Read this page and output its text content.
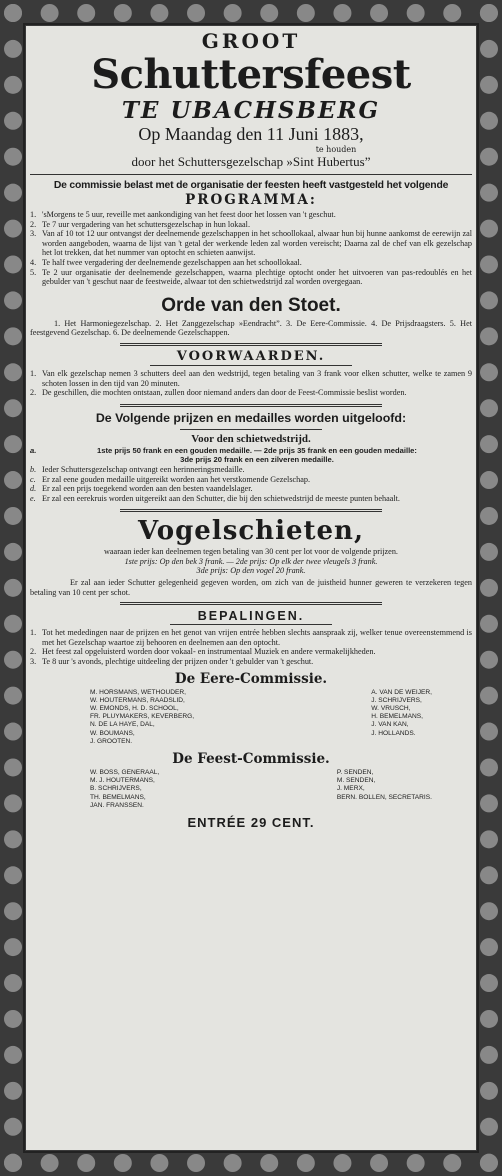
GROOT

Schuttersfeest

TE UBACHSBERG

Op Maandag den 11 Juni 1883,

te houden

door het Schuttersgezelschap »Sint Hubertus”

De commissie belast met de organisatie der feesten heeft vastgesteld het volgende

PROGRAMMA:

1. 'sMorgens te 5 uur, reveille met aankondiging van het feest door het lossen van 't geschut.
2. Te 7 uur vergadering van het schuttersgezelschap in hun lokaal.
3. Van af 10 tot 12 uur ontvangst der deelnemende gezelschappen in het schoollokaal, alwaar hun bij hunne aankomst de eerewijn zal worden aangeboden, waarna de lijst van 't getal der werkende leden zal worden vereischt; Daarna zal de chef van elk gezelschap het lot trekken, dat het nummer van optocht en schieten aanwijst.
4. Te half twee vergadering der deelnemende gezelschappen aan het schoollokaal.
5. Te 2 uur organisatie der deelnemende gezelschappen, waarna plechtige optocht onder het uitvoeren van pas-redoublés en het gebulder van 't geschut naar de feestweide, alwaar tot den schietwedstrijd zal worden overgegaan.

Orde van den Stoet.

1. Het Harmoniegezelschap. 2. Het Zanggezelschap »Eendracht”. 3. De Eere-Commissie. 4. De Prijsdraagsters. 5. Het feestgevend Gezelschap. 6. De deelnemende Gezelschappen.

VOORWAARDEN.

1. Van elk gezelschap nemen 3 schutters deel aan den wedstrijd, tegen betaling van 3 frank voor elken schutter, welke te zamen 9 schoten lossen in den tijd van 20 minuten.
2. De geschillen, die mochten ontstaan, zullen door niemand anders dan door de Feest-Commissie beslist worden.

De Volgende prijzen en medailles worden uitgeloofd:

Voor den schietwedstrijd.

a.	1ste prijs 50 frank en een gouden medaille. — 2de prijs 35 frank en een gouden medaille:
3de prijs 20 frank en een zilveren medaille.
b. Ieder Schuttersgezelschap ontvangt een herinneringsmedaille.
c. Er zal eene gouden medaille uitgereikt worden aan het verstkomende Gezelschap.
d. Er zal een prijs toegekend worden aan den besten vaandelslager.
e. Er zal een eerekruis worden uitgereikt aan den Schutter, die bij den schietwedstrijd de meeste punten behaalt.

Vogelschieten,

waaraan ieder kan deelnemen tegen betaling van 30 cent per lot voor de volgende prijzen.

1ste prijs: Op den bek 3 frank. — 2de prijs: Op elk der twee vleugels 3 frank.

3de prijs: Op den vogel 20 frank.

Er zal aan ieder Schutter gelegenheid gegeven worden, om zich van de juistheid hunner geweren te verzekeren tegen betaling van 10 cent per schot.

BEPALINGEN.

1. Tot het mededingen naar de prijzen en het genot van vrijen entrée hebben slechts aanspraak zij, welker tenue overeenstemmend is met het Gezelschap waartoe zij behooren en deelnemen aan den optocht.
2. Het feest zal opgeluisterd worden door vokaal- en instrumentaal Muziek en andere vermakelijkheden.
3. Te 8 uur 's avonds, plechtige uitdeeling der prijzen onder 't gebulder van 't geschut.

De Eere-Commissie.

M. HORSMANS, WETHOUDER,

W. HOUTERMANS, RAADSLID,

W. EMONDS, H. D. SCHOOL,

FR. PLUYMAKERS, KEVERBERG,

N. DE LA HAYE, DAL,

W. BOUMANS,

J. GROOTEN.

A. VAN DE WEIJER,

J. SCHRIJVERS,

W. VRUSCH,

H. BEMELMANS,

J. VAN KAN,

J. HOLLANDS.

De Feest-Commissie.

W. BOSS, GENERAAL,

M. J. HOUTERMANS,

B. SCHRIJVERS,

TH. BEMELMANS,

JAN. FRANSSEN.

P. SENDEN,

M. SENDEN,

J. MERX,

BERN. BOLLEN, SECRETARIS.

ENTRÉE 29 CENT.
